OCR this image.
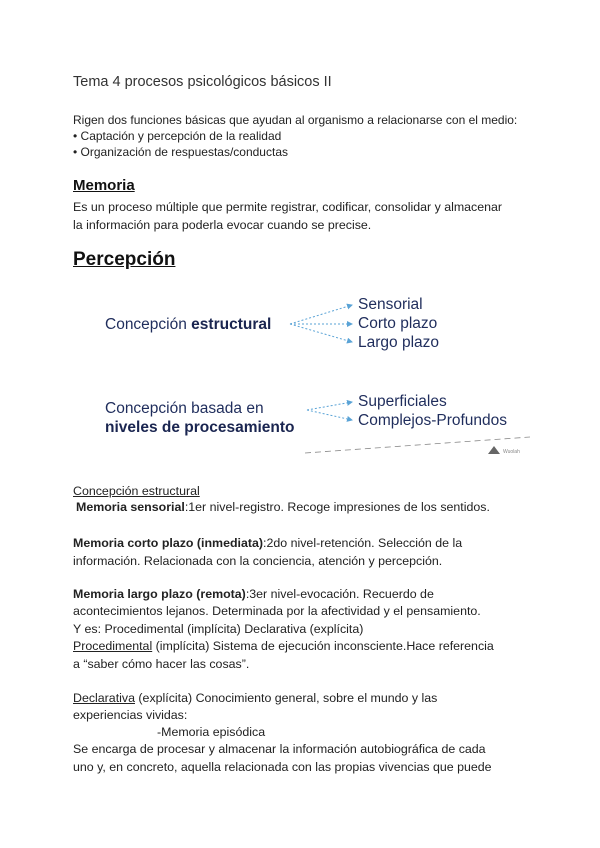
Tema 4 procesos psicológicos básicos II
Rigen dos funciones básicas que ayudan al organismo a relacionarse con el medio:
• Captación y percepción de la realidad
• Organización de respuestas/conductas
Memoria
Es un proceso múltiple que permite registrar, codificar, consolidar y almacenar
la información para poderla evocar cuando se precise.
Percepción
Wuolah
Concepción estructural
Sensorial
Corto plazo
Largo plazo
Concepción basada en
niveles de procesamiento
Superficiales
Complejos-Profundos
Concepción estructural
Memoria sensorial:1er nivel-registro. Recoge impresiones de los sentidos.
Memoria corto plazo (inmediata):2do nivel-retención. Selección de la
información. Relacionada con la conciencia, atención y percepción.
Memoria largo plazo (remota):3er nivel-evocación. Recuerdo de
acontecimientos lejanos. Determinada por la afectividad y el pensamiento.
Y es: Procedimental (implícita) Declarativa (explícita)
Procedimental (implícita) Sistema de ejecución inconsciente.Hace referencia
a “saber cómo hacer las cosas”.
Declarativa (explícita) Conocimiento general, sobre el mundo y las
experiencias vividas:
-Memoria episódica
Se encarga de procesar y almacenar la información autobiográfica de cada
uno y, en concreto, aquella relacionada con las propias vivencias que puede
